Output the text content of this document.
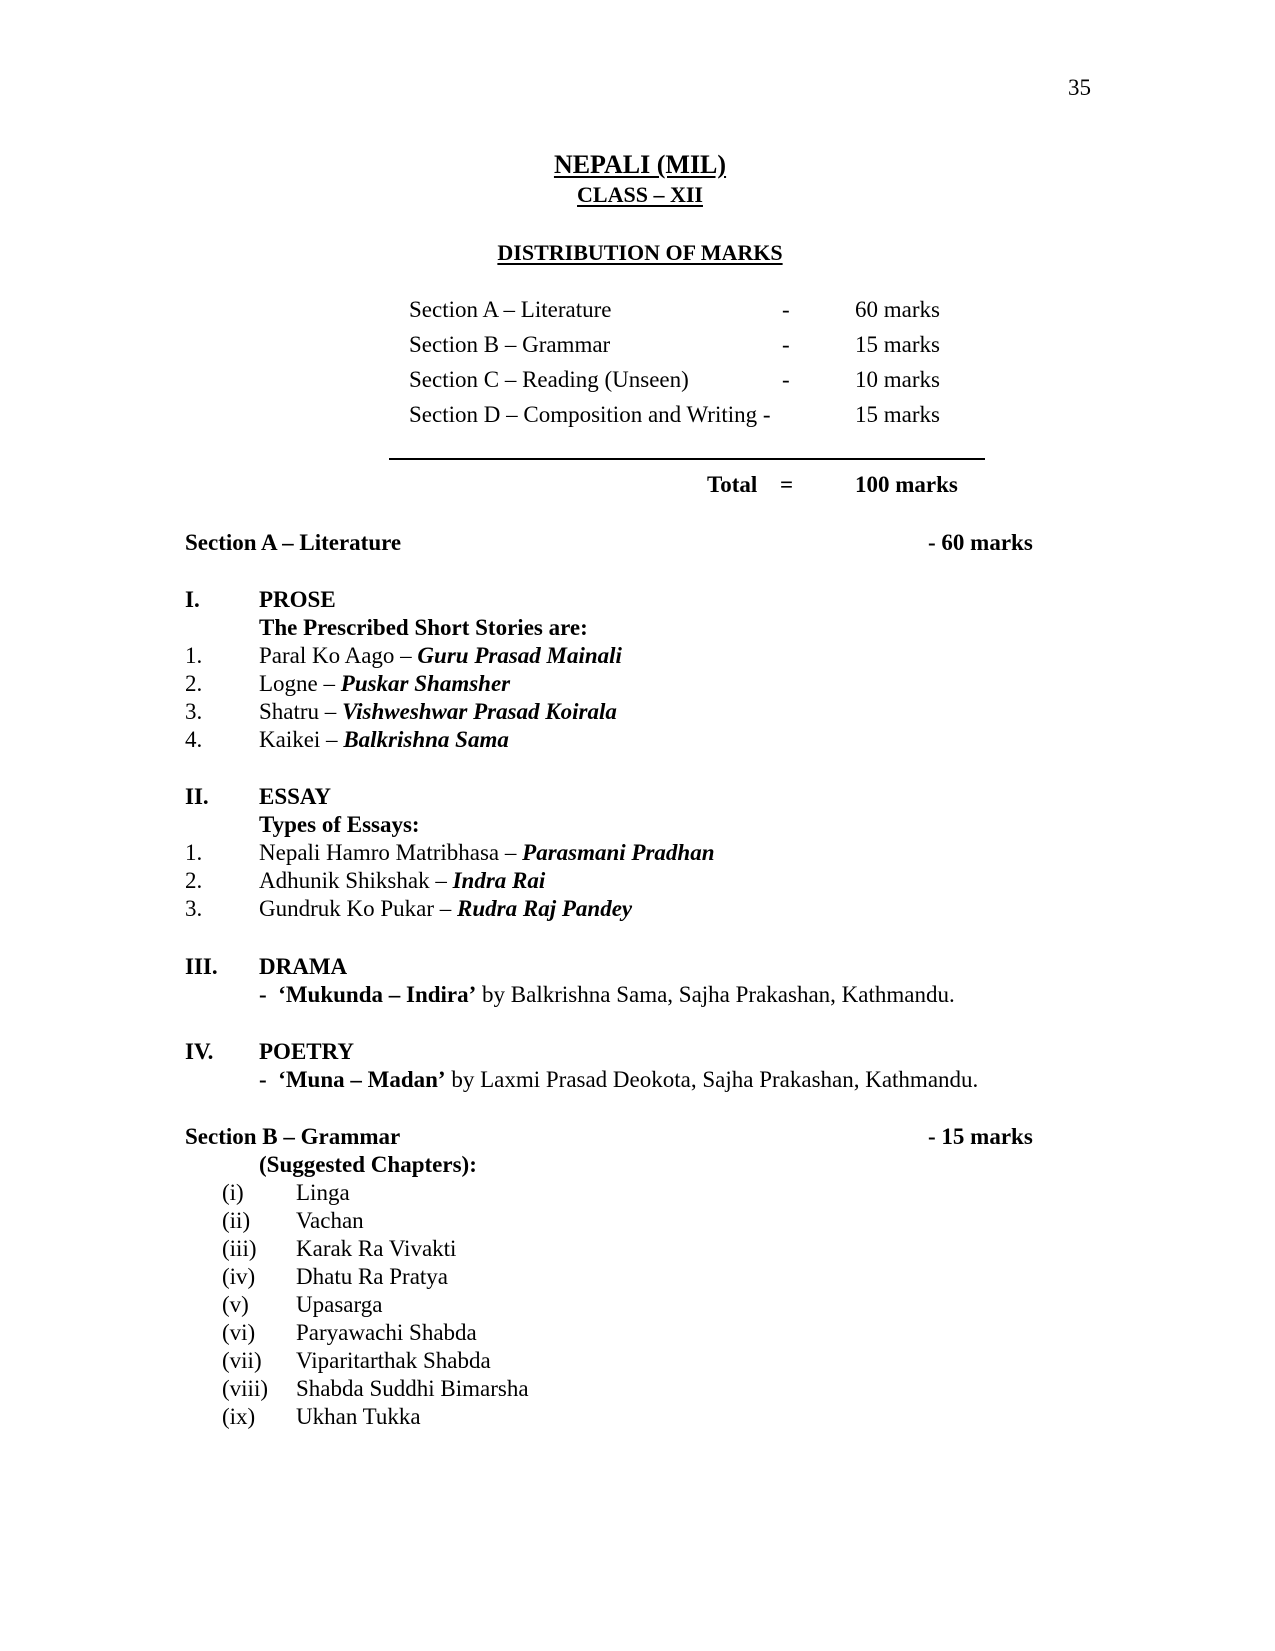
35
NEPALI (MIL)
CLASS – XII
DISTRIBUTION OF MARKS
Section A – Literature	-	60 marks
Section B – Grammar	-	15 marks
Section C – Reading (Unseen)	-	10 marks
Section D – Composition and Writing -	15 marks
Total =	100 marks
Section A – Literature	- 60 marks
I.	PROSE
The Prescribed Short Stories are:
1. Paral Ko Aago – Guru Prasad Mainali
2. Logne – Puskar Shamsher
3. Shatru – Vishweshwar Prasad Koirala
4. Kaikei – Balkrishna Sama
II. ESSAY
Types of Essays:
1. Nepali Hamro Matribhasa – Parasmani Pradhan
2. Adhunik Shikshak – Indra Rai
3. Gundruk Ko Pukar – Rudra Raj Pandey
III. DRAMA
-  ‘Mukunda – Indira’ by Balkrishna Sama, Sajha Prakashan, Kathmandu.
IV. POETRY
-  ‘Muna – Madan’ by Laxmi Prasad Deokota, Sajha Prakashan, Kathmandu.
Section B – Grammar	- 15 marks
(Suggested Chapters):
(i) Linga
(ii) Vachan
(iii) Karak Ra Vivakti
(iv) Dhatu Ra Pratya
(v) Upasarga
(vi) Paryawachi Shabda
(vii) Viparitarthak Shabda
(viii) Shabda Suddhi Bimarsha
(ix) Ukhan Tukka
